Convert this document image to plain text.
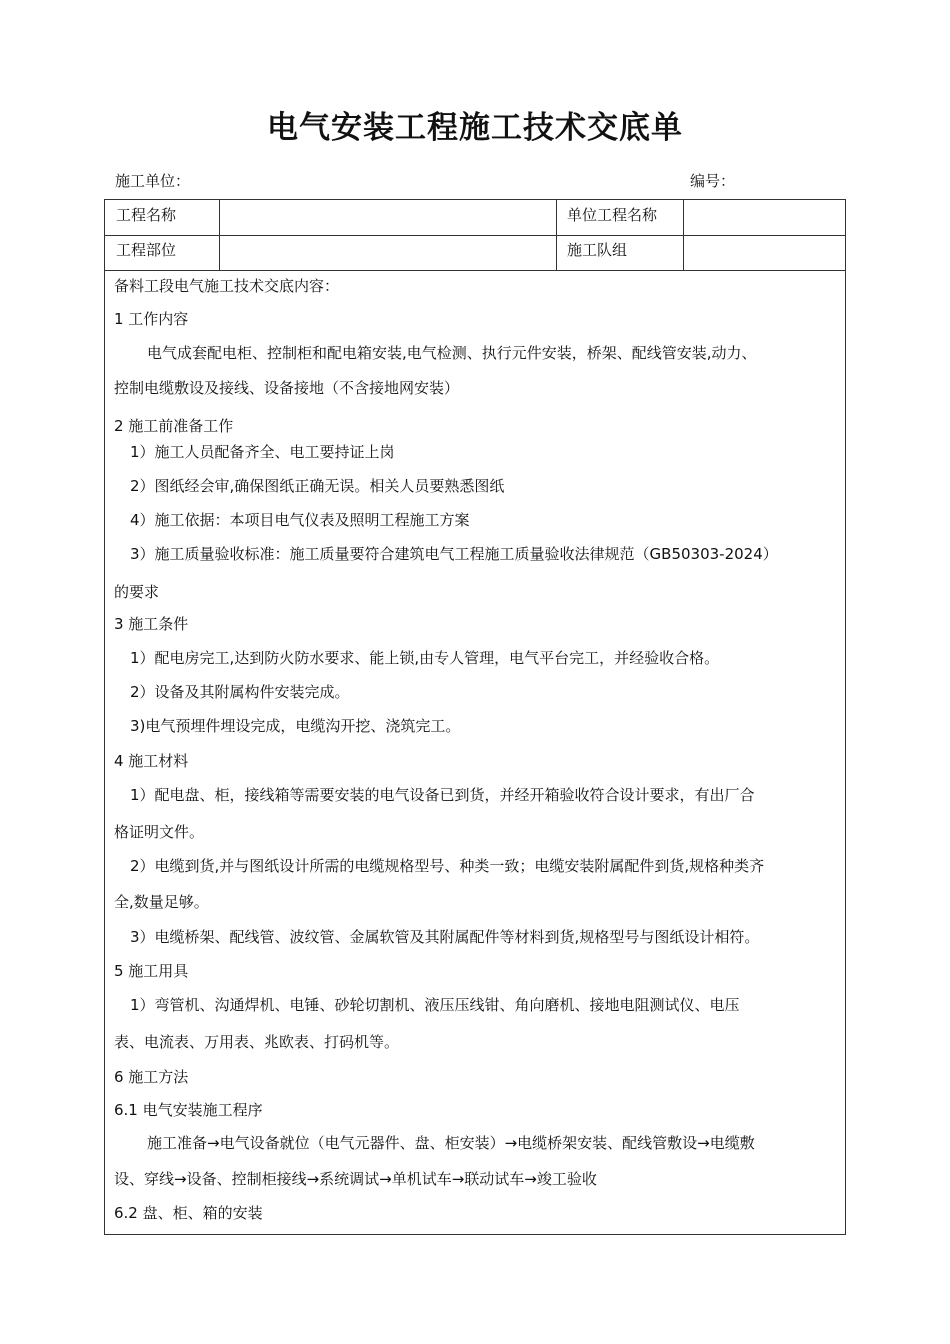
电气安装工程施工技术交底单
施工单位：	编号：
工程名称	单位工程名称
工程部位	施工队组
备料工段电气施工技术交底内容：
1 工作内容
电气成套配电柜、控制柜和配电箱安装,电气检测、执行元件安装，桥架、配线管安装,动力、
控制电缆敷设及接线、设备接地（不含接地网安装）
2 施工前准备工作
1）施工人员配备齐全、电工要持证上岗
2）图纸经会审,确保图纸正确无误。相关人员要熟悉图纸
4）施工依据：本项目电气仪表及照明工程施工方案
3）施工质量验收标准：施工质量要符合建筑电气工程施工质量验收法律规范（GB50303-2024）
的要求
3 施工条件
1）配电房完工,达到防火防水要求、能上锁,由专人管理，电气平台完工，并经验收合格。
2）设备及其附属构件安装完成。
3)电气预埋件埋设完成，电缆沟开挖、浇筑完工。
4 施工材料
1）配电盘、柜，接线箱等需要安装的电气设备已到货，并经开箱验收符合设计要求，有出厂合
格证明文件。
2）电缆到货,并与图纸设计所需的电缆规格型号、种类一致；电缆安装附属配件到货,规格种类齐
全,数量足够。
3）电缆桥架、配线管、波纹管、金属软管及其附属配件等材料到货,规格型号与图纸设计相符。
5 施工用具
1）弯管机、沟通焊机、电锤、砂轮切割机、液压压线钳、角向磨机、接地电阻测试仪、电压
表、电流表、万用表、兆欧表、打码机等。
6 施工方法
6.1 电气安装施工程序
施工准备→电气设备就位（电气元器件、盘、柜安装）→电缆桥架安装、配线管敷设→电缆敷
设、穿线→设备、控制柜接线→系统调试→单机试车→联动试车→竣工验收
6.2 盘、柜、箱的安装
